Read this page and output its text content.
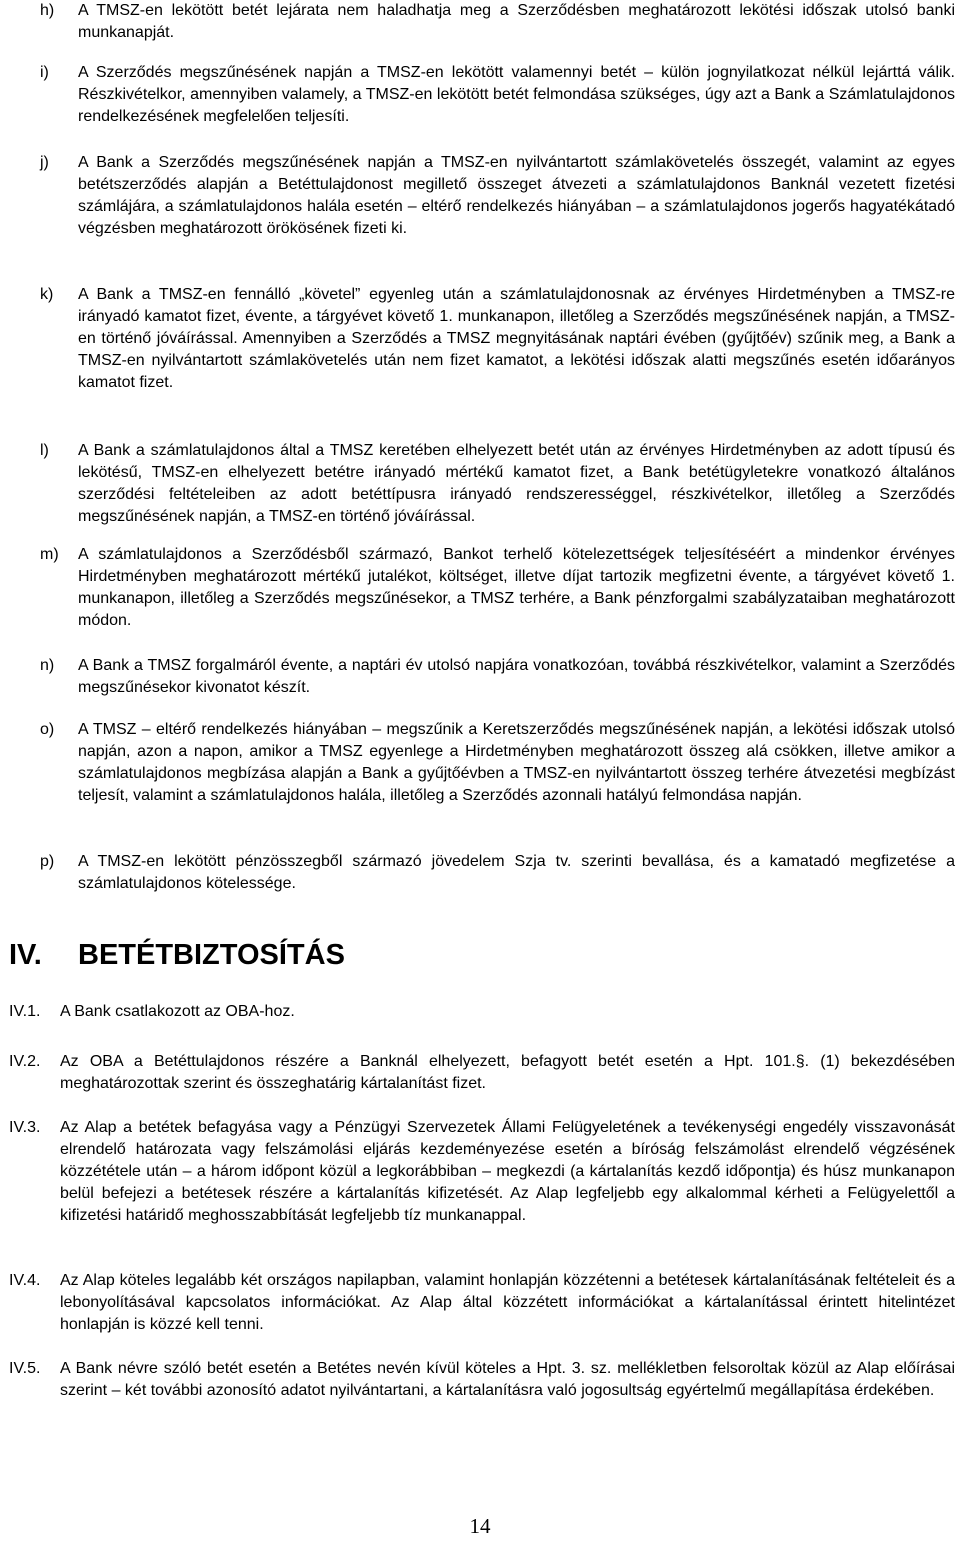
h)	A TMSZ-en lekötött betét lejárata nem haladhatja meg a Szerződésben meghatározott lekötési időszak utolsó banki munkanapját.
i)	A Szerződés megszűnésének napján a TMSZ-en lekötött valamennyi betét – külön jognyilatkozat nélkül lejárttá válik. Részkivételkor, amennyiben valamely, a TMSZ-en lekötött betét felmondása szükséges, úgy azt a Bank a Számlatulajdonos rendelkezésének megfelelően teljesíti.
j)	A Bank a Szerződés megszűnésének napján a TMSZ-en nyilvántartott számlakövetelés összegét, valamint az egyes betétszerződés alapján a Betéttulajdonost megillető összeget átvezeti a számlatulajdonos Banknál vezetett fizetési számlájára, a számlatulajdonos halála esetén – eltérő rendelkezés hiányában – a számlatulajdonos jogerős hagyatékátadó végzésben meghatározott örökösének fizeti ki.
k)	A Bank a TMSZ-en fennálló „követel” egyenleg után a számlatulajdonosnak az érvényes Hirdetményben a TMSZ-re irányadó kamatot fizet, évente, a tárgyévet követő 1. munkanapon, illetőleg a Szerződés megszűnésének napján, a TMSZ-en történő jóváírással. Amennyiben a Szerződés a TMSZ megnyitásának naptári évében (gyűjtőév) szűnik meg, a Bank a TMSZ-en nyilvántartott számlakövetelés után nem fizet kamatot, a lekötési időszak alatti megszűnés esetén időarányos kamatot fizet.
l)	A Bank a számlatulajdonos által a TMSZ keretében elhelyezett betét után az érvényes Hirdetményben az adott típusú és lekötésű, TMSZ-en elhelyezett betétre irányadó mértékű kamatot fizet, a Bank betétügyletekre vonatkozó általános szerződési feltételeiben az adott betéttípusra irányadó rendszerességgel, részkivételkor, illetőleg a Szerződés megszűnésének napján, a TMSZ-en történő jóváírással.
m)	A számlatulajdonos a Szerződésből származó, Bankot terhelő kötelezettségek teljesítéséért a mindenkor érvényes Hirdetményben meghatározott mértékű jutalékot, költséget, illetve díjat tartozik megfizetni évente, a tárgyévet követő 1. munkanapon, illetőleg a Szerződés megszűnésekor, a TMSZ terhére, a Bank pénzforgalmi szabályzataiban meghatározott módon.
n)	A Bank a TMSZ forgalmáról évente, a naptári év utolsó napjára vonatkozóan, továbbá részkivételkor, valamint a Szerződés megszűnésekor kivonatot készít.
o)	A TMSZ – eltérő rendelkezés hiányában – megszűnik a Keretszerződés megszűnésének napján, a lekötési időszak utolsó napján, azon a napon, amikor a TMSZ egyenlege a Hirdetményben meghatározott összeg alá csökken, illetve amikor a számlatulajdonos megbízása alapján a Bank a gyűjtőévben a TMSZ-en nyilvántartott összeg terhére átvezetési megbízást teljesít, valamint a számlatulajdonos halála, illetőleg a Szerződés azonnali hatályú felmondása napján.
p)	A TMSZ-en lekötött pénzösszegből származó jövedelem Szja tv. szerinti bevallása, és a kamatadó megfizetése a számlatulajdonos kötelessége.
IV. BETÉTBIZTOSÍTÁS
IV.1.	A Bank csatlakozott az OBA-hoz.
IV.2.	Az OBA a Betéttulajdonos részére a Banknál elhelyezett, befagyott betét esetén a Hpt. 101.§. (1) bekezdésében meghatározottak szerint és összeghatárig kártalanítást fizet.
IV.3.	Az Alap a betétek befagyása vagy a Pénzügyi Szervezetek Állami Felügyeletének a tevékenységi engedély visszavonását elrendelő határozata vagy felszámolási eljárás kezdeményezése esetén a bíróság felszámolást elrendelő végzésének közzététele után – a három időpont közül a legkorábbiban – megkezdi (a kártalanítás kezdő időpontja) és húsz munkanapon belül befejezi a betétesek részére a kártalanítás kifizetését. Az Alap legfeljebb egy alkalommal kérheti a Felügyelettől a kifizetési határidő meghosszabbítását legfeljebb tíz munkanappal.
IV.4.	Az Alap köteles legalább két országos napilapban, valamint honlapján közzétenni a betétesek kártalanításának feltételeit és a lebonyolításával kapcsolatos információkat. Az Alap által közzétett információkat a kártalanítással érintett hitelintézet honlapján is közzé kell tenni.
IV.5.	A Bank névre szóló betét esetén a Betétes nevén kívül köteles a Hpt. 3. sz. mellékletben felsoroltak közül az Alap előírásai szerint – két további azonosító adatot nyilvántartani, a kártalanításra való jogosultság egyértelmű megállapítása érdekében.
14
